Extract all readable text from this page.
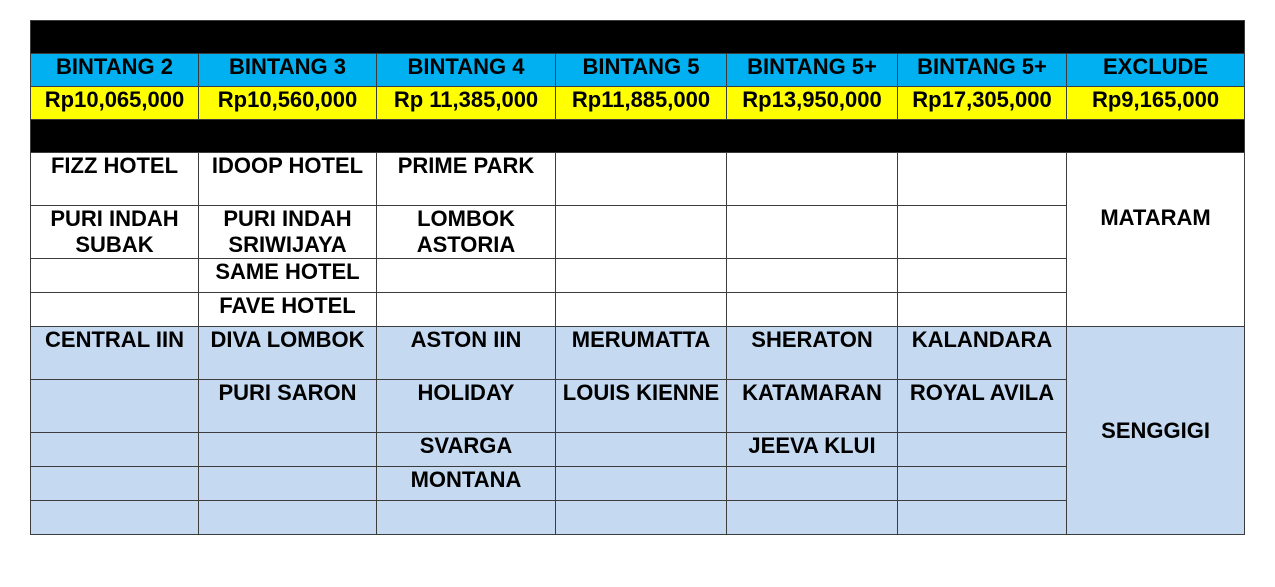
HARGA HONEYMOON LOMBOK 4 HARI 3 MALAM PAKET C						
BINTANG 2	BINTANG 3	BINTANG 4	BINTANG 5	BINTANG 5+	BINTANG 5+	EXCLUDE
Rp10,065,000	Rp10,560,000	Rp 11,385,000	Rp11,885,000	Rp13,950,000	Rp17,305,000	Rp9,165,000
PILIHAN HOTEL						
FIZZ HOTEL	IDOOP HOTEL	PRIME PARK				MATARAM
PURI INDAH SUBAK	PURI INDAH SRIWIJAYA	LOMBOK ASTORIA				
	SAME HOTEL					
	FAVE HOTEL					
CENTRAL IIN	DIVA LOMBOK	ASTON IIN	MERUMATTA	SHERATON	KALANDARA	SENGGIGI
	PURI SARON	HOLIDAY	LOUIS KIENNE	KATAMARAN	ROYAL AVILA	
		SVARGA		JEEVA KLUI		
		MONTANA				
